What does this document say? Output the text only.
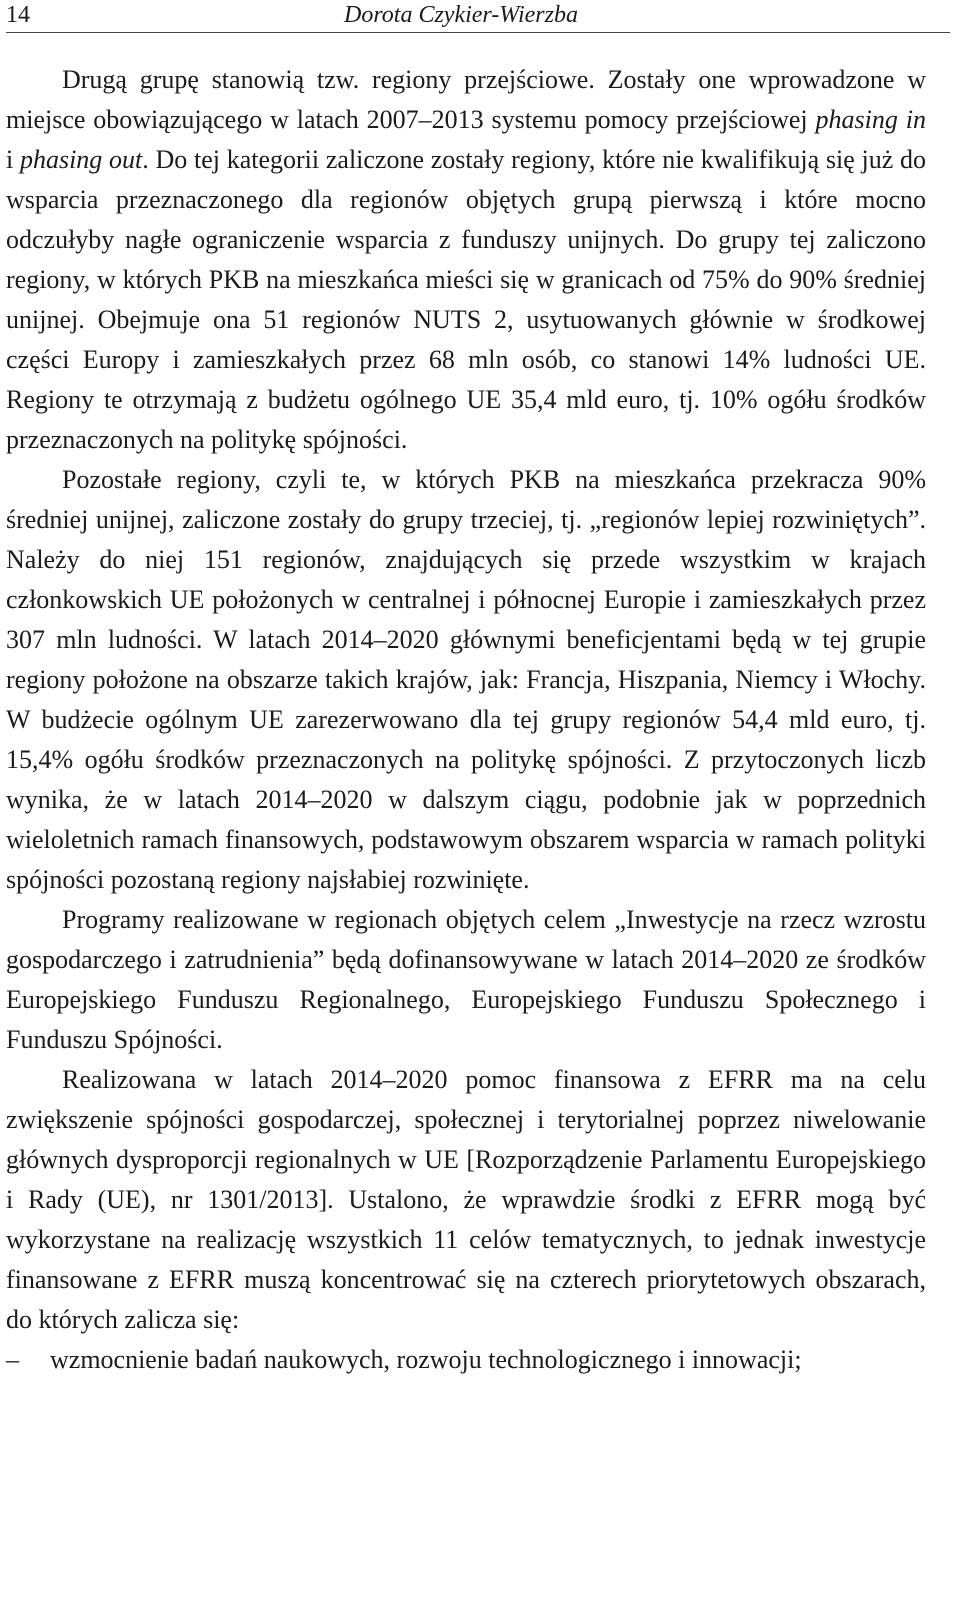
14	Dorota Czykier-Wierzba

Drugą grupę stanowią tzw. regiony przejściowe. Zostały one wprowadzone w miejsce obowiązującego w latach 2007–2013 systemu pomocy przejściowej phasing in i phasing out. Do tej kategorii zaliczone zostały regiony, które nie kwalifikują się już do wsparcia przeznaczonego dla regionów objętych grupą pierwszą i które mocno odczułyby nagłe ograniczenie wsparcia z funduszy unijnych. Do grupy tej zaliczono regiony, w których PKB na mieszkańca mieści się w granicach od 75% do 90% średniej unijnej. Obejmuje ona 51 regionów NUTS 2, usytuowanych głównie w środkowej części Europy i zamieszkałych przez 68 mln osób, co stanowi 14% ludności UE. Regiony te otrzymają z budżetu ogólnego UE 35,4 mld euro, tj. 10% ogółu środków przeznaczonych na politykę spójności.

Pozostałe regiony, czyli te, w których PKB na mieszkańca przekracza 90% średniej unijnej, zaliczone zostały do grupy trzeciej, tj. „regionów lepiej rozwiniętych”. Należy do niej 151 regionów, znajdujących się przede wszystkim w krajach członkowskich UE położonych w centralnej i północnej Europie i zamieszkałych przez 307 mln ludności. W latach 2014–2020 głównymi beneficjentami będą w tej grupie regiony położone na obszarze takich krajów, jak: Francja, Hiszpania, Niemcy i Włochy. W budżecie ogólnym UE zarezerwowano dla tej grupy regionów 54,4 mld euro, tj. 15,4% ogółu środków przeznaczonych na politykę spójności. Z przytoczonych liczb wynika, że w latach 2014–2020 w dalszym ciągu, podobnie jak w poprzednich wieloletnich ramach finansowych, podstawowym obszarem wsparcia w ramach polityki spójności pozostaną regiony najsłabiej rozwinięte.

Programy realizowane w regionach objętych celem „Inwestycje na rzecz wzrostu gospodarczego i zatrudnienia” będą dofinansowywane w latach 2014–2020 ze środków Europejskiego Funduszu Regionalnego, Europejskiego Funduszu Społecznego i Funduszu Spójności.

Realizowana w latach 2014–2020 pomoc finansowa z EFRR ma na celu zwiększenie spójności gospodarczej, społecznej i terytorialnej poprzez niwelowanie głównych dysproporcji regionalnych w UE [Rozporządzenie Parlamentu Europejskiego i Rady (UE), nr 1301/2013]. Ustalono, że wprawdzie środki z EFRR mogą być wykorzystane na realizację wszystkich 11 celów tematycznych, to jednak inwestycje finansowane z EFRR muszą koncentrować się na czterech priorytetowych obszarach, do których zalicza się:

– wzmocnienie badań naukowych, rozwoju technologicznego i innowacji;
